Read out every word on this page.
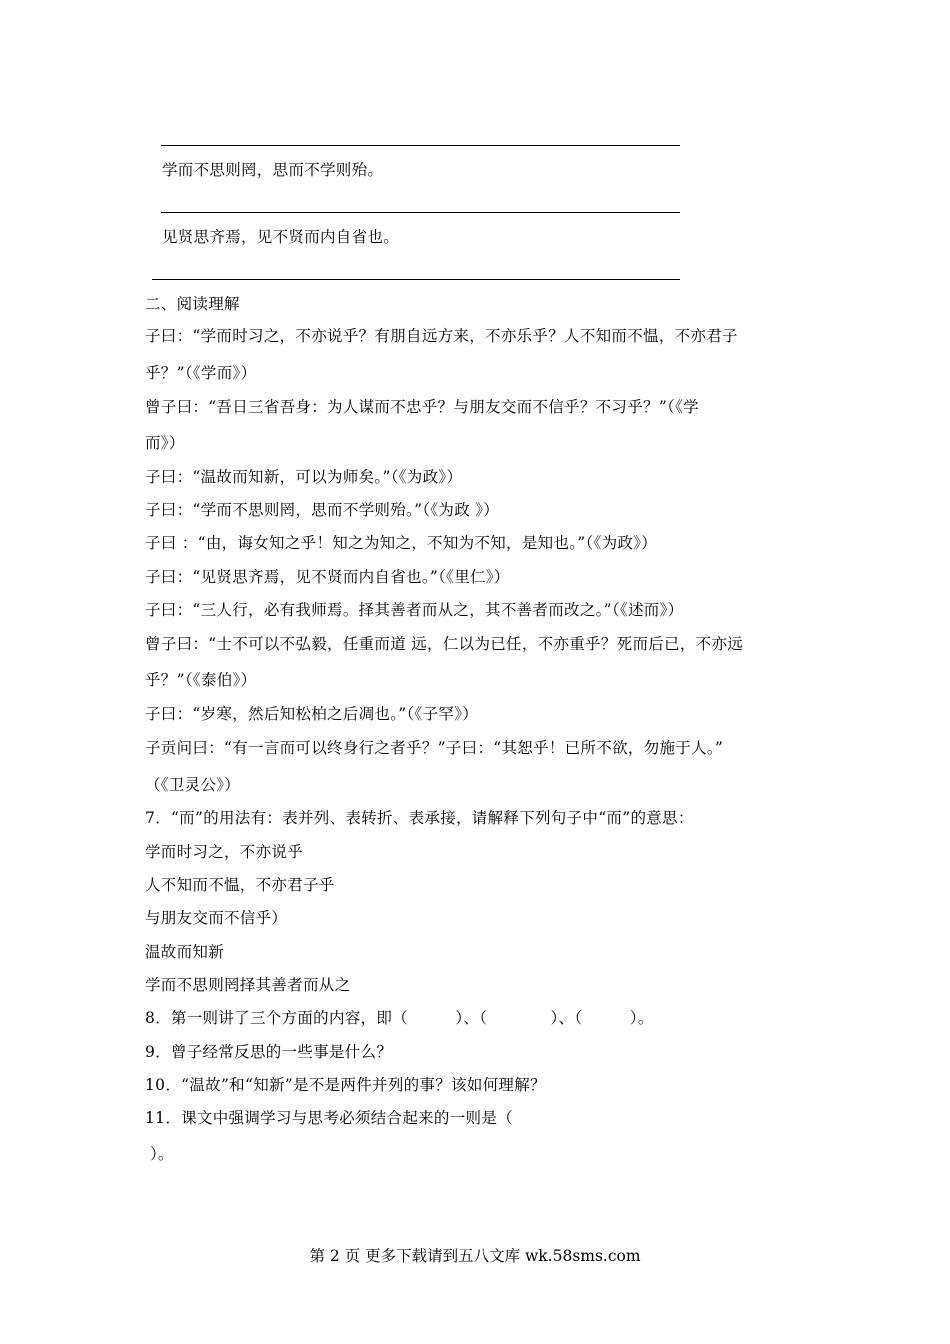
学而不思则罔，思而不学则殆。
见贤思齐焉，见不贤而内自省也。
二、阅读理解
子曰：“学而时习之，不亦说乎？有朋自远方来，不亦乐乎？人不知而不愠，不亦君子
乎？”（《学而》）
曾子曰：“吾日三省吾身：为人谋而不忠乎？与朋友交而不信乎？不习乎？”（《学
而》）
子曰：“温故而知新，可以为师矣。”（《为政》）
子曰：“学而不思则罔，思而不学则殆。”（《为政 》）
子曰 ：“由，诲女知之乎！知之为知之，不知为不知，是知也。”（《为政》）
子曰：“见贤思齐焉，见不贤而内自省也。”（《里仁》）
子曰：“三人行，必有我师焉。择其善者而从之，其不善者而改之。”（《述而》）
曾子曰：“士不可以不弘毅，任重而道 远，仁以为已任，不亦重乎？死而后已，不亦远
乎？”（《泰伯》）
子曰：“岁寒，然后知松柏之后凋也。”（《子罕》）
子贡问曰：“有一言而可以终身行之者乎？”子曰：“其恕乎！已所不欲，勿施于人。”
（《卫灵公》）
7．“而”的用法有：表并列、表转折、表承接，请解释下列句子中“而”的意思：
学而时习之，不亦说乎
人不知而不愠，不亦君子乎
与朋友交而不信乎）
温故而知新
学而不思则罔择其善者而从之
8．第一则讲了三个方面的内容，即（　　　）、（　　　　）、（　　　）。
9．曾子经常反思的一些事是什么？
10．“温故”和“知新”是不是两件并列的事？该如何理解？
11．课文中强调学习与思考必须结合起来的一则是（
）。
第 2 页 更多下载请到五八文库 wk.58sms.com
